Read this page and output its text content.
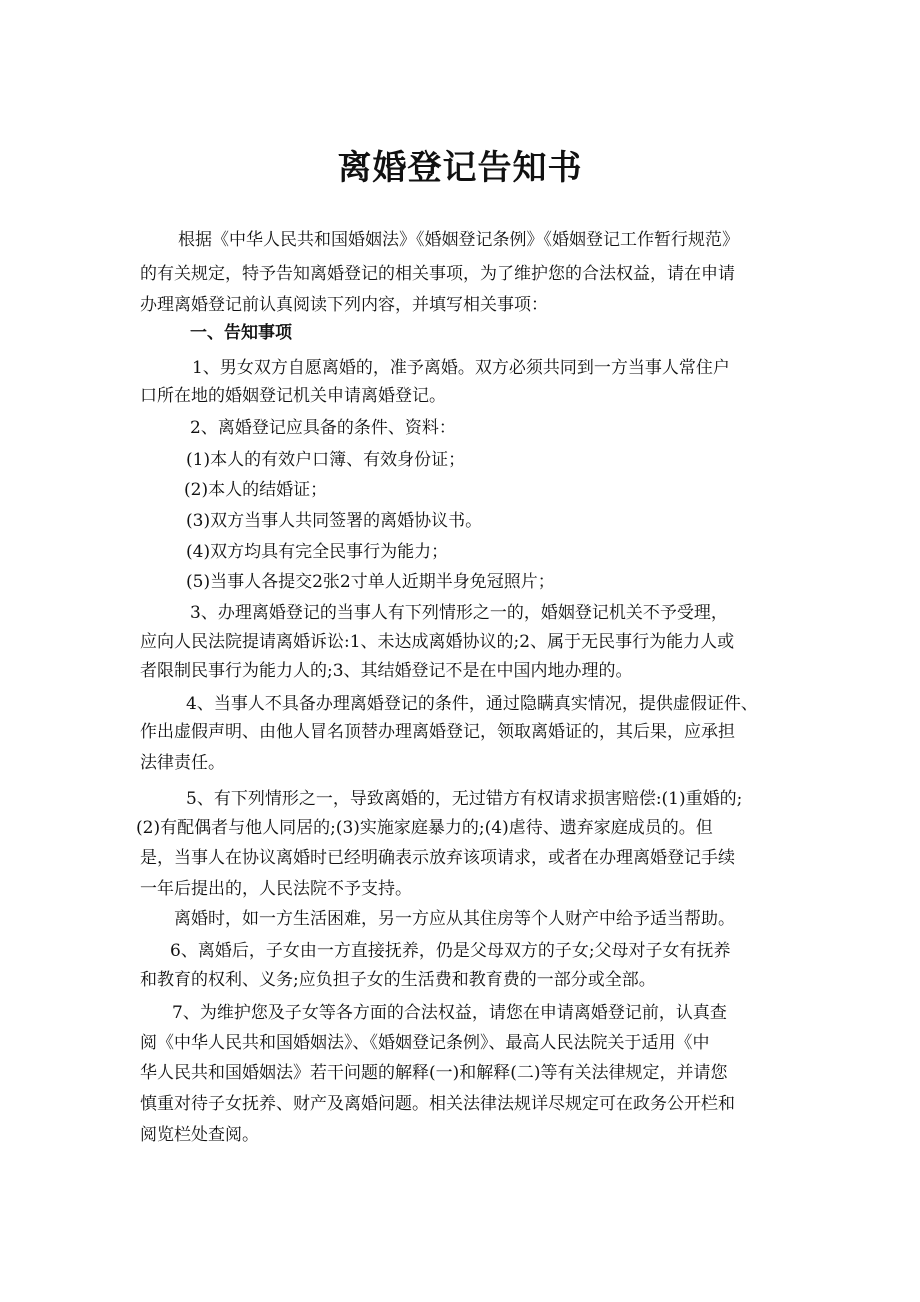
离婚登记告知书
根据《中华人民共和国婚姻法》《婚姻登记条例》《婚姻登记工作暂行规范》
的有关规定，特予告知离婚登记的相关事项，为了维护您的合法权益，请在申请
办理离婚登记前认真阅读下列内容，并填写相关事项：
一、告知事项
1、男女双方自愿离婚的，准予离婚。双方必须共同到一方当事人常住户
口所在地的婚姻登记机关申请离婚登记。
2、离婚登记应具备的条件、资料：
(1)本人的有效户口簿、有效身份证；
(2)本人的结婚证；
(3)双方当事人共同签署的离婚协议书。
(4)双方均具有完全民事行为能力；
(5)当事人各提交2张2寸单人近期半身免冠照片；
3、办理离婚登记的当事人有下列情形之一的，婚姻登记机关不予受理，
应向人民法院提请离婚诉讼:1、未达成离婚协议的;2、属于无民事行为能力人或
者限制民事行为能力人的;3、其结婚登记不是在中国内地办理的。
4、当事人不具备办理离婚登记的条件，通过隐瞒真实情况，提供虚假证件、
作出虚假声明、由他人冒名顶替办理离婚登记，领取离婚证的，其后果，应承担
法律责任。
5、有下列情形之一，导致离婚的，无过错方有权请求损害赔偿:(1)重婚的;
(2)有配偶者与他人同居的;(3)实施家庭暴力的;(4)虐待、遗弃家庭成员的。但
是，当事人在协议离婚时已经明确表示放弃该项请求，或者在办理离婚登记手续
一年后提出的，人民法院不予支持。
离婚时，如一方生活困难，另一方应从其住房等个人财产中给予适当帮助。
6、离婚后，子女由一方直接抚养，仍是父母双方的子女;父母对子女有抚养
和教育的权利、义务;应负担子女的生活费和教育费的一部分或全部。
7、为维护您及子女等各方面的合法权益，请您在申请离婚登记前，认真查
阅《中华人民共和国婚姻法》、《婚姻登记条例》、最高人民法院关于适用《中
华人民共和国婚姻法》若干问题的解释(一)和解释(二)等有关法律规定，并请您
慎重对待子女抚养、财产及离婚问题。相关法律法规详尽规定可在政务公开栏和
阅览栏处查阅。
